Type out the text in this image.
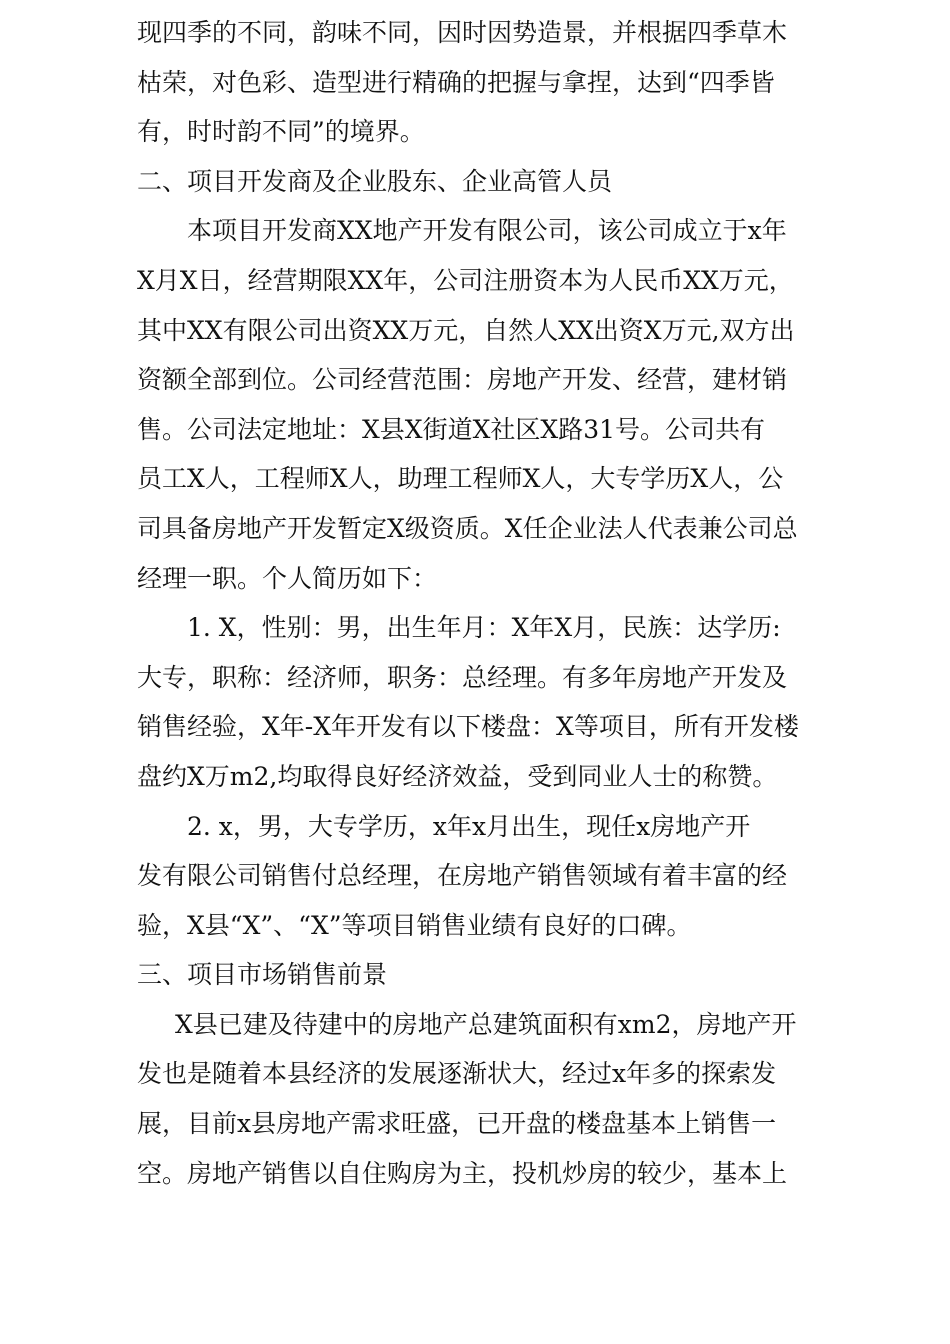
现四季的不同，韵味不同，因时因势造景，并根据四季草木
枯荣，对色彩、造型进行精确的把握与拿捏，达到“四季皆
有，时时韵不同”的境界。
二、项目开发商及企业股东、企业高管人员
本项目开发商XX地产开发有限公司，该公司成立于x年
X月X日，经营期限XX年，公司注册资本为人民币XX万元，
其中XX有限公司出资XX万元，自然人XX出资X万元,双方出
资额全部到位。公司经营范围：房地产开发、经营，建材销
售。公司法定地址：X县X街道X社区X路31号。公司共有
员工X人，工程师X人，助理工程师X人，大专学历X人，公
司具备房地产开发暂定X级资质。X任企业法人代表兼公司总
经理一职。个人简历如下：
1. X，性别：男，出生年月：X年X月，民族：达学历:
大专，职称：经济师，职务：总经理。有多年房地产开发及
销售经验，X年-X年开发有以下楼盘：X等项目，所有开发楼
盘约X万m2,均取得良好经济效益，受到同业人士的称赞。
2. x，男，大专学历，x年x月出生，现任x房地产开
发有限公司销售付总经理，在房地产销售领域有着丰富的经
验，X县“X”、“X”等项目销售业绩有良好的口碑。
三、项目市场销售前景
X县已建及待建中的房地产总建筑面积有xm2，房地产开
发也是随着本县经济的发展逐渐状大，经过x年多的探索发
展，目前x县房地产需求旺盛，已开盘的楼盘基本上销售一
空。房地产销售以自住购房为主，投机炒房的较少，基本上
